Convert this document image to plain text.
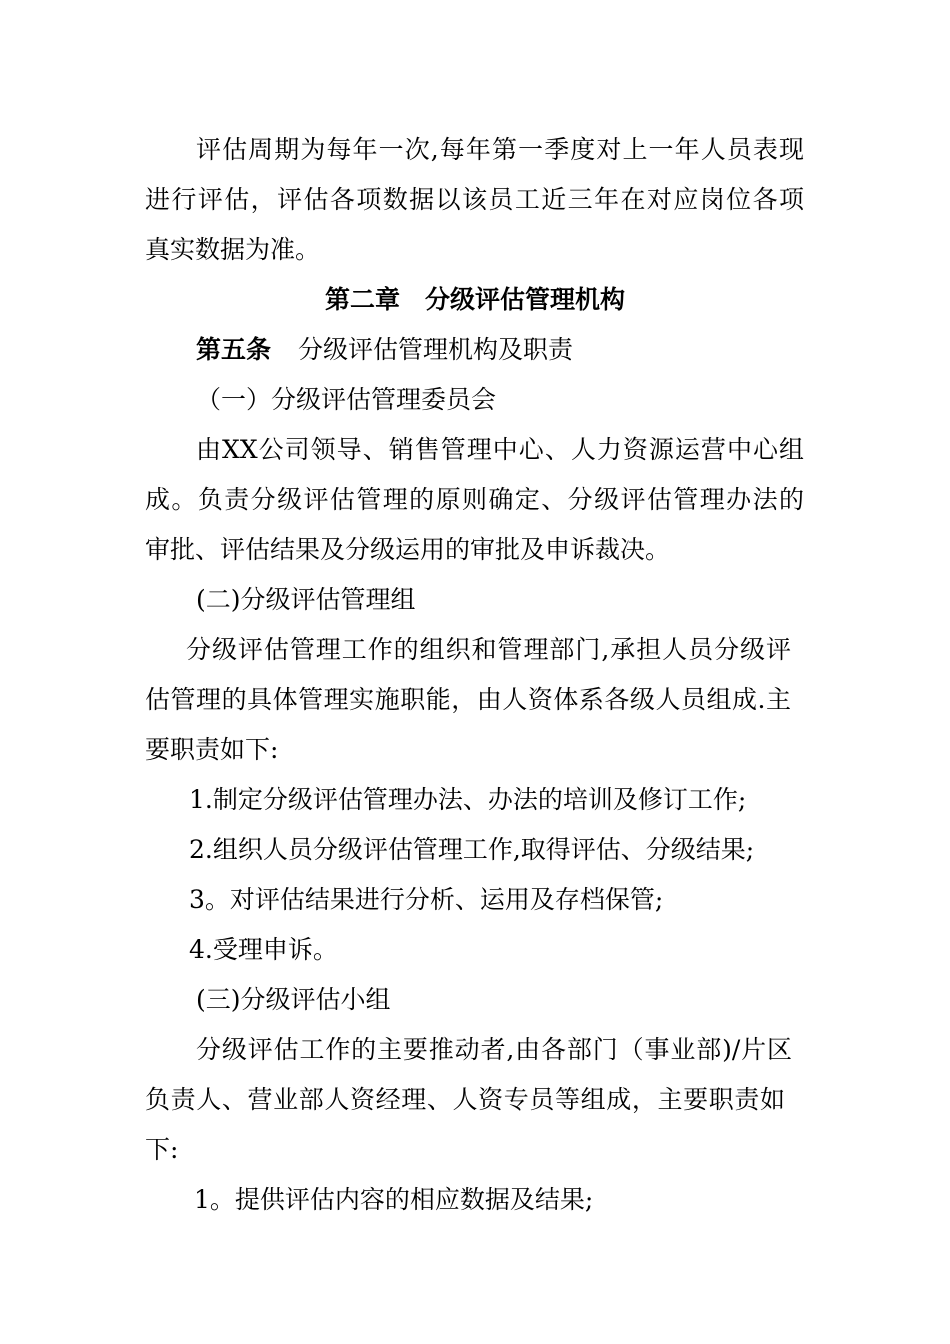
评估周期为每年一次,每年第一季度对上一年人员表现
进行评估，评估各项数据以该员工近三年在对应岗位各项
真实数据为准。
第二章　分级评估管理机构
第五条 分级评估管理机构及职责
（一）分级评估管理委员会
由XX公司领导、销售管理中心、人力资源运营中心组
成。负责分级评估管理的原则确定、分级评估管理办法的
审批、评估结果及分级运用的审批及申诉裁决。
(二)分级评估管理组
分级评估管理工作的组织和管理部门,承担人员分级评
估管理的具体管理实施职能，由人资体系各级人员组成.主
要职责如下:
1.制定分级评估管理办法、办法的培训及修订工作;
2.组织人员分级评估管理工作,取得评估、分级结果;
3。对评估结果进行分析、运用及存档保管;
4.受理申诉。
(三)分级评估小组
分级评估工作的主要推动者,由各部门（事业部)/片区
负责人、营业部人资经理、人资专员等组成，主要职责如
下:
1。提供评估内容的相应数据及结果;
